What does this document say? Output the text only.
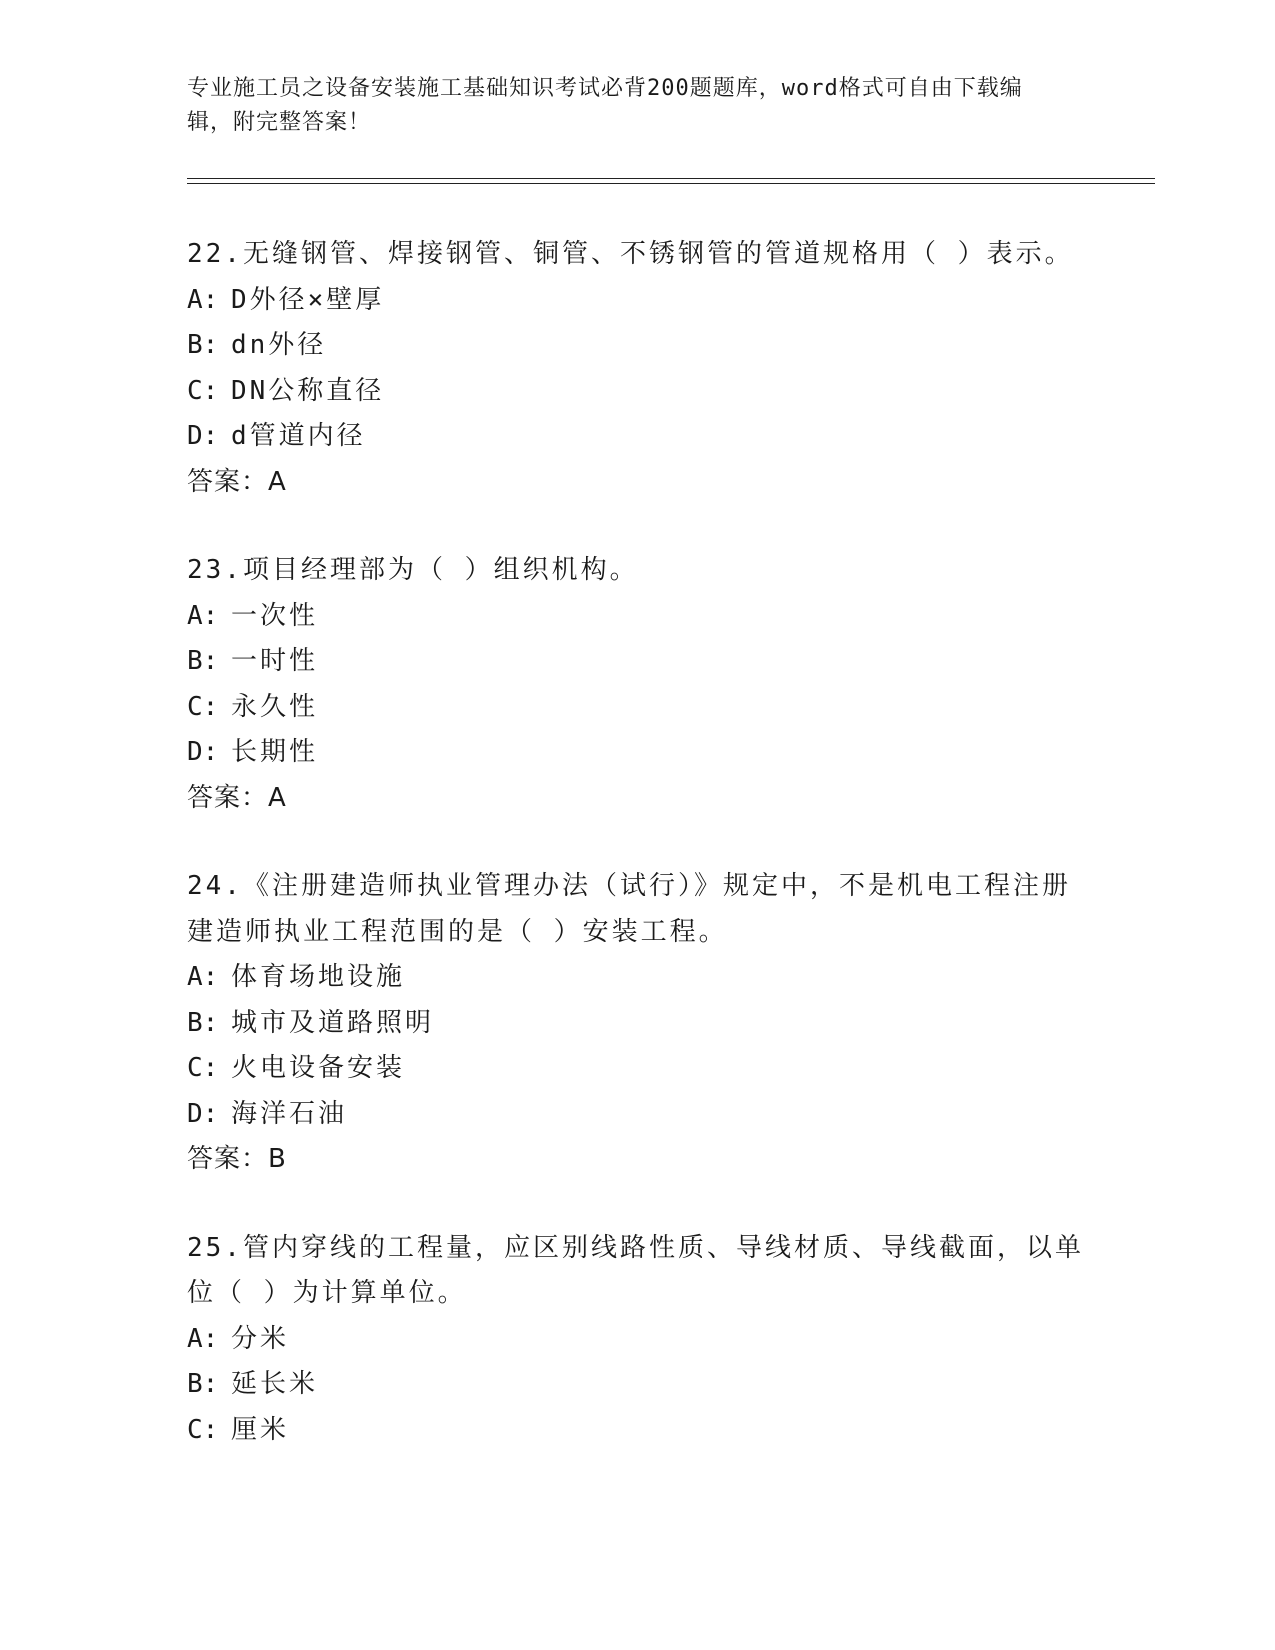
专业施工员之设备安装施工基础知识考试必背200题题库，word格式可自由下载编辑，附完整答案！
22.无缝钢管、焊接钢管、铜管、不锈钢管的管道规格用（ ）表示。
A: D外径×壁厚
B: dn外径
C: DN公称直径
D: d管道内径
答案：A
23.项目经理部为（ ）组织机构。
A: 一次性
B: 一时性
C: 永久性
D: 长期性
答案：A
24.《注册建造师执业管理办法（试行）》规定中，不是机电工程注册建造师执业工程范围的是（ ）安装工程。
A: 体育场地设施
B: 城市及道路照明
C: 火电设备安装
D: 海洋石油
答案：B
25.管内穿线的工程量，应区别线路性质、导线材质、导线截面，以单位（ ）为计算单位。
A: 分米
B: 延长米
C: 厘米
